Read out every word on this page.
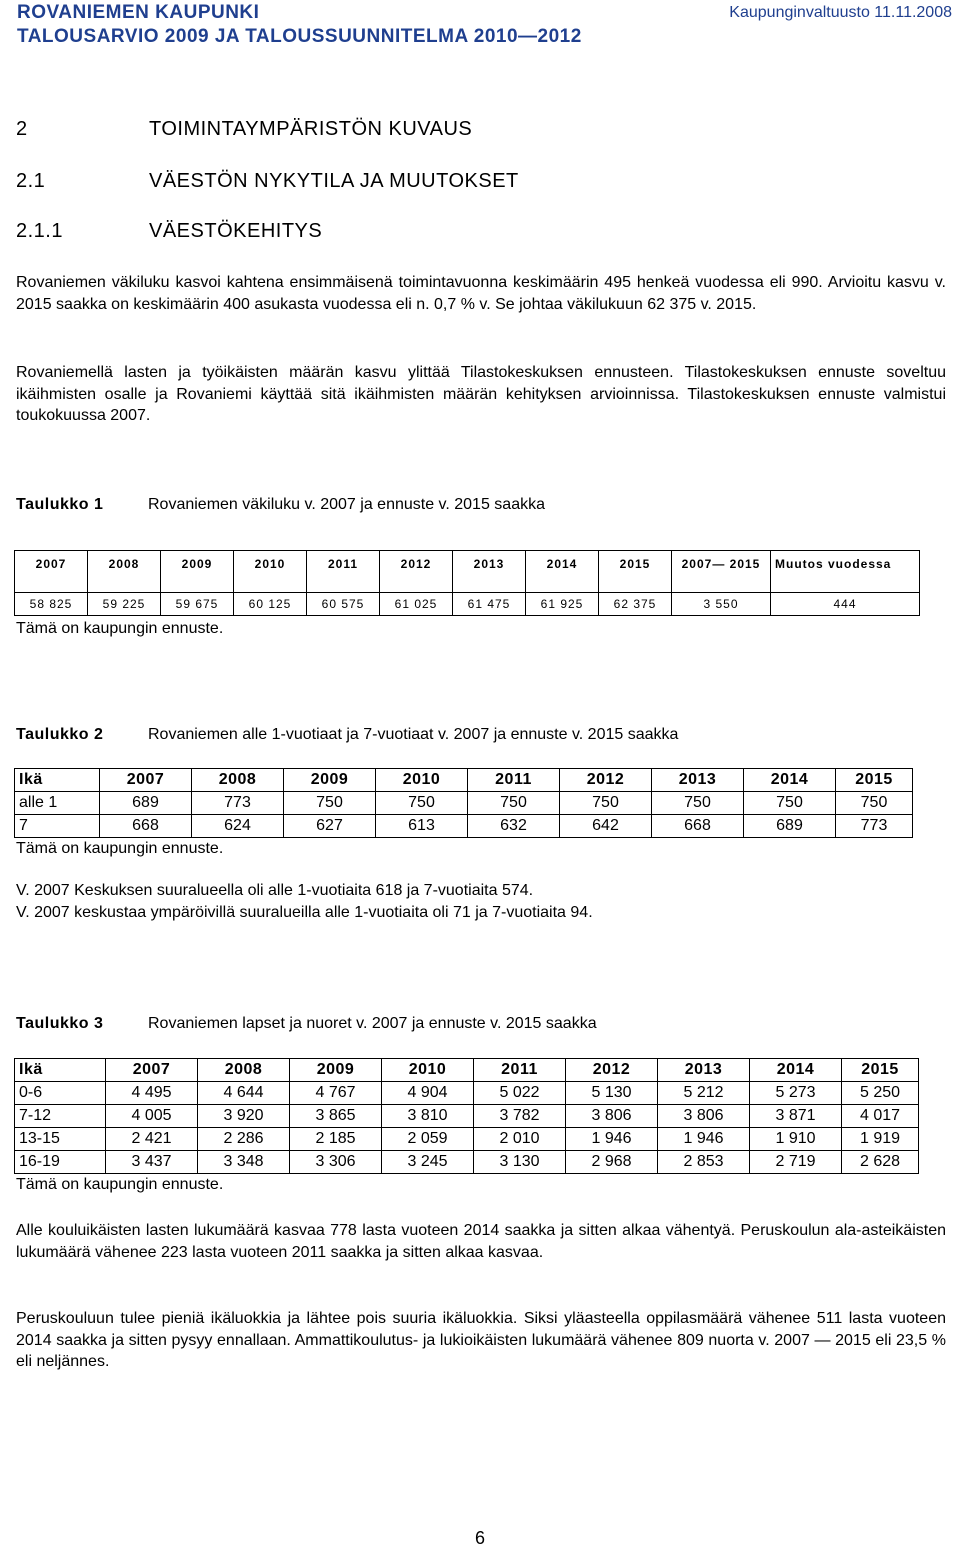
ROVANIEMEN KAUPUNKI
TALOUSARVIO 2009 JA TALOUSSUUNNITELMA 2010—2012
Kaupunginvaltuusto 11.11.2008
2	TOIMINTAYMPÄRISTÖN KUVAUS
2.1	VÄESTÖN NYKYTILA JA MUUTOKSET
2.1.1	VÄESTÖKEHITYS

Rovaniemen väkiluku kasvoi kahtena ensimmäisenä toimintavuonna keskimäärin 495 henkeä vuodessa eli 990. Arvioitu kasvu v. 2015 saakka on keskimäärin 400 asukasta vuodessa eli n. 0,7 % v. Se johtaa väkilukuun 62 375 v. 2015.

Rovaniemellä lasten ja työikäisten määrän kasvu ylittää Tilastokeskuksen ennusteen. Tilastokeskuksen ennuste soveltuu ikäihmisten osalle ja Rovaniemi käyttää sitä ikäihmisten määrän kehityksen arvioinnissa. Tilastokeskuksen ennuste valmistui toukokuussa 2007.

Taulukko 1	Rovaniemen väkiluku v. 2007 ja ennuste v. 2015 saakka
2007	2008	2009	2010	2011	2012	2013	2014	2015	2007— 2015	Muutos vuodessa
58 825	59 225	59 675	60 125	60 575	61 025	61 475	61 925	62 375	3 550	444
Tämä on kaupungin ennuste.
Taulukko 2	Rovaniemen alle 1-vuotiaat ja 7-vuotiaat v. 2007 ja ennuste v. 2015 saakka
Ikä	2007	2008	2009	2010	2011	2012	2013	2014	2015
alle 1	689	773	750	750	750	750	750	750	750
7	668	624	627	613	632	642	668	689	773
Tämä on kaupungin ennuste.
V. 2007 Keskuksen suuralueella oli alle 1-vuotiaita 618 ja 7-vuotiaita 574.
V. 2007 keskustaa ympäröivillä suuralueilla alle 1-vuotiaita oli 71 ja 7-vuotiaita 94.
Taulukko 3	Rovaniemen lapset ja nuoret v. 2007 ja ennuste v. 2015 saakka
Ikä	2007	2008	2009	2010	2011	2012	2013	2014	2015
0-6	4 495	4 644	4 767	4 904	5 022	5 130	5 212	5 273	5 250
7-12	4 005	3 920	3 865	3 810	3 782	3 806	3 806	3 871	4 017
13-15	2 421	2 286	2 185	2 059	2 010	1 946	1 946	1 910	1 919
16-19	3 437	3 348	3 306	3 245	3 130	2 968	2 853	2 719	2 628
Tämä on kaupungin ennuste.

Alle kouluikäisten lasten lukumäärä kasvaa 778 lasta vuoteen 2014 saakka ja sitten alkaa vähentyä. Peruskoulun ala-asteikäisten lukumäärä vähenee 223 lasta vuoteen 2011 saakka ja sitten alkaa kasvaa.

Peruskouluun tulee pieniä ikäluokkia ja lähtee pois suuria ikäluokkia. Siksi yläasteella oppilasmäärä vähenee 511 lasta vuoteen 2014 saakka ja sitten pysyy ennallaan. Ammattikoulutus- ja lukioikäisten lukumäärä vähenee 809 nuorta v. 2007 — 2015 eli 23,5 % eli neljännes.

6
